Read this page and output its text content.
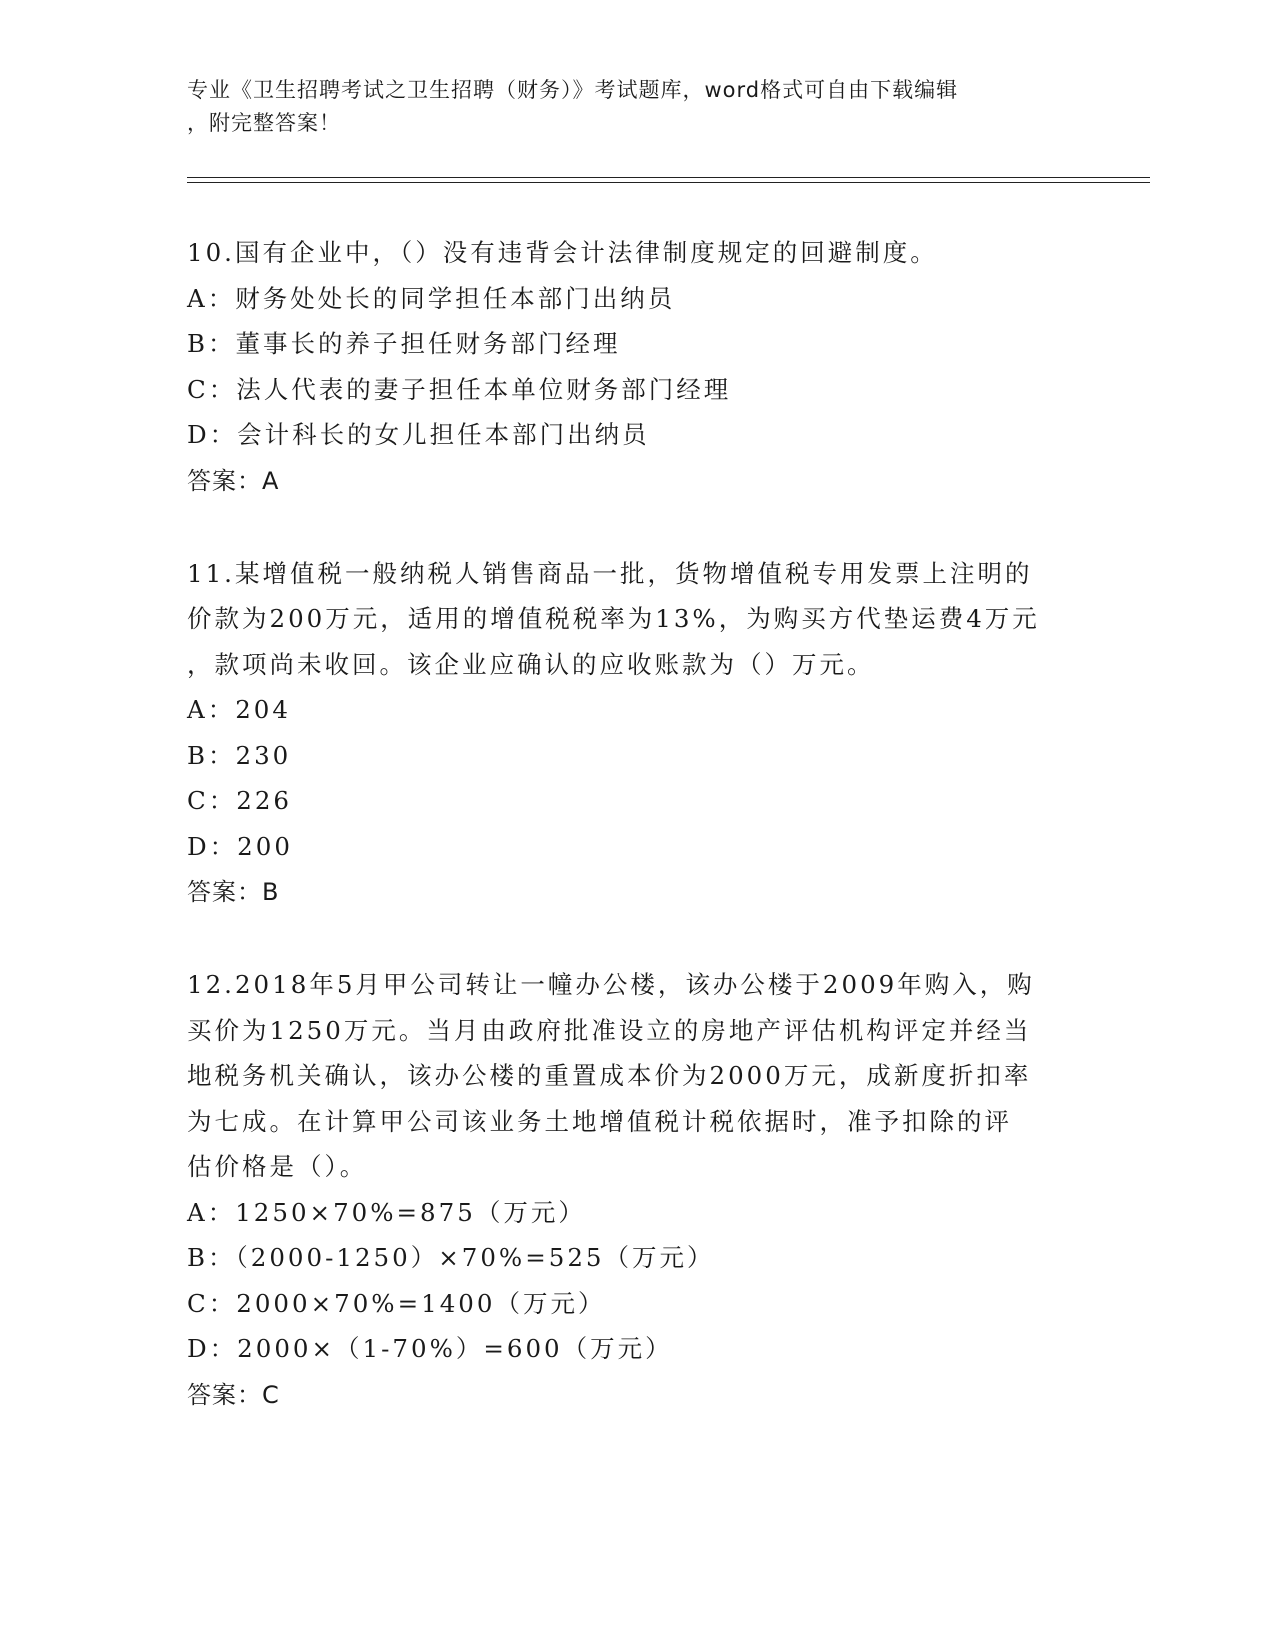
专业《卫生招聘考试之卫生招聘（财务）》考试题库，word格式可自由下载编辑
，附完整答案！

10.国有企业中，（）没有违背会计法律制度规定的回避制度。

A：财务处处长的同学担任本部门出纳员

B：董事长的养子担任财务部门经理

C：法人代表的妻子担任本单位财务部门经理

D：会计科长的女儿担任本部门出纳员

答案：A

11.某增值税一般纳税人销售商品一批，货物增值税专用发票上注明的

价款为200万元，适用的增值税税率为13%，为购买方代垫运费4万元

，款项尚未收回。该企业应确认的应收账款为（）万元。

A：204

B：230

C：226

D：200

答案：B

12.2018年5月甲公司转让一幢办公楼，该办公楼于2009年购入，购

买价为1250万元。当月由政府批准设立的房地产评估机构评定并经当

地税务机关确认，该办公楼的重置成本价为2000万元，成新度折扣率

为七成。在计算甲公司该业务土地增值税计税依据时，准予扣除的评

估价格是（）。

A：1250×70%=875（万元）

B：（2000-1250）×70%=525（万元）

C：2000×70%=1400（万元）

D：2000×（1-70%）=600（万元）

答案：C
